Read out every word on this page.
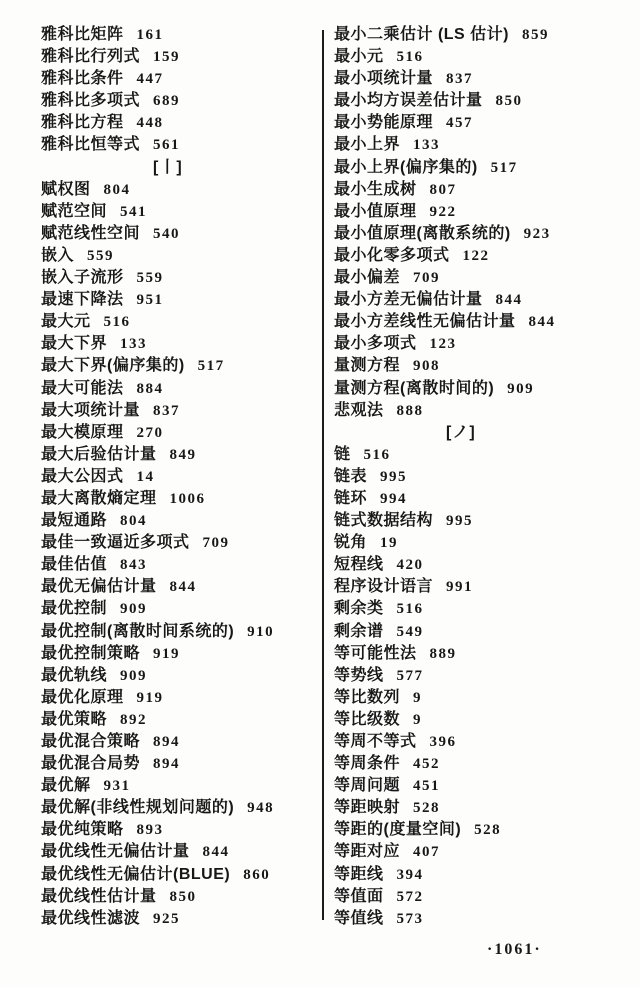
雅科比矩阵 161
雅科比行列式 159
雅科比条件 447
雅科比多项式 689
雅科比方程 448
雅科比恒等式 561
[丨]
赋权图 804
赋范空间 541
赋范线性空间 540
嵌入 559
嵌入子流形 559
最速下降法 951
最大元 516
最大下界 133
最大下界(偏序集的) 517
最大可能法 884
最大项统计量 837
最大模原理 270
最大后验估计量 849
最大公因式 14
最大离散熵定理 1006
最短通路 804
最佳一致逼近多项式 709
最佳估值 843
最优无偏估计量 844
最优控制 909
最优控制(离散时间系统的) 910
最优控制策略 919
最优轨线 909
最优化原理 919
最优策略 892
最优混合策略 894
最优混合局势 894
最优解 931
最优解(非线性规划问题的) 948
最优纯策略 893
最优线性无偏估计量 844
最优线性无偏估计(BLUE) 860
最优线性估计量 850
最优线性滤波 925
最小二乘估计 (LS 估计) 859
最小元 516
最小项统计量 837
最小均方误差估计量 850
最小势能原理 457
最小上界 133
最小上界(偏序集的) 517
最小生成树 807
最小值原理 922
最小值原理(离散系统的) 923
最小化零多项式 122
最小偏差 709
最小方差无偏估计量 844
最小方差线性无偏估计量 844
最小多项式 123
量测方程 908
量测方程(离散时间的) 909
悲观法 888
[ノ]
链 516
链表 995
链环 994
链式数据结构 995
锐角 19
短程线 420
程序设计语言 991
剩余类 516
剩余谱 549
等可能性法 889
等势线 577
等比数列 9
等比级数 9
等周不等式 396
等周条件 452
等周问题 451
等距映射 528
等距的(度量空间) 528
等距对应 407
等距线 394
等值面 572
等值线 573
·1061·
